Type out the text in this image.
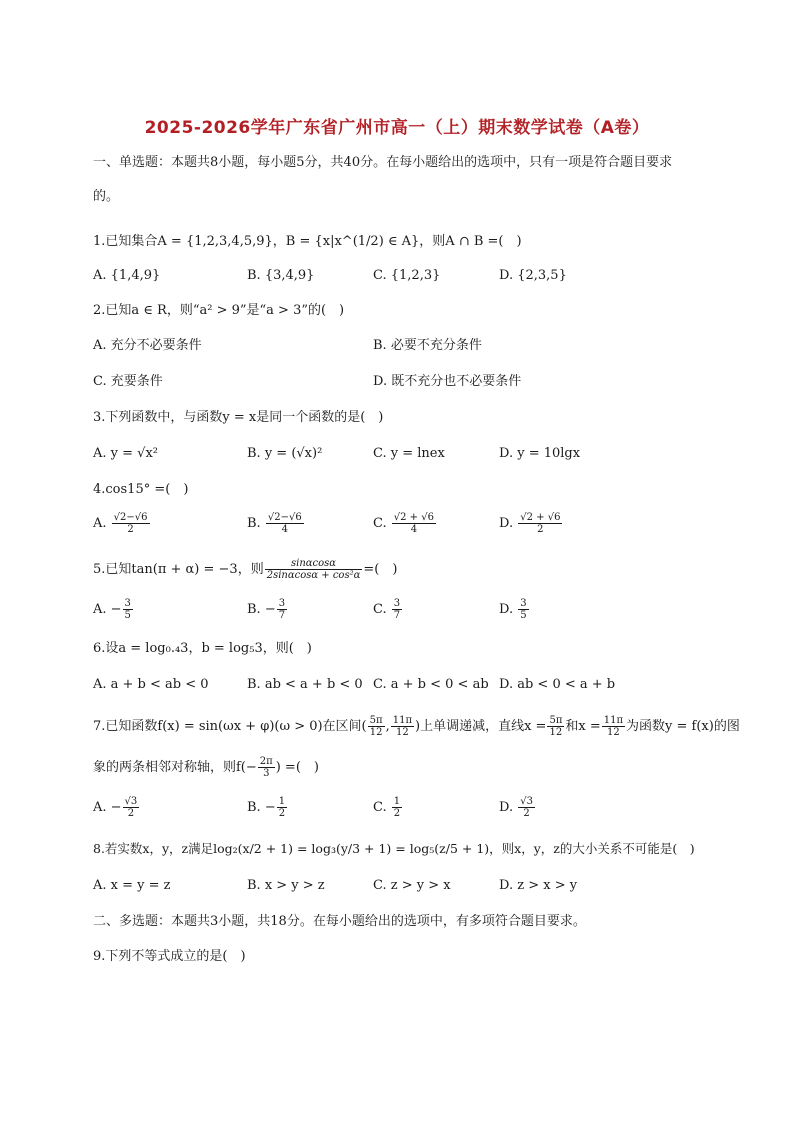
2025-2026学年广东省广州市高一（上）期末数学试卷（A卷）
一、单选题：本题共8小题，每小题5分，共40分。在每小题给出的选项中，只有一项是符合题目要求的。
1.已知集合A = {1,2,3,4,5,9}，B = {x|x^(1/2) ∈ A}，则A ∩ B =(　)
A. {1,4,9}	B. {3,4,9}	C. {1,2,3}	D. {2,3,5}
2.已知a ∈ R，则“a² > 9”是“a > 3”的(　)
A. 充分不必要条件	B. 必要不充分条件
C. 充要条件	D. 既不充分也不必要条件
3.下列函数中，与函数y = x是同一个函数的是(　)
A. y = √x²	B. y = (√x)²	C. y = lnex	D. y = 10lgx
4.cos15° =(　)
A. $\frac{√2-√6}{2}$	B. $\frac{√2-√6}{4}$	C. $\frac{√2 + √6}{4}$	D. $\frac{√2 + √6}{2}$
5.已知tan(π + α) = −3，则 $\frac{\sin\alpha\cos\alpha}{\text{2sinαcosα + cos²α}}$ =(　)
A. − $\frac{3}{5}$	B. − $\frac{3}{7}$	C. $\frac{3}{7}$	D. $\frac{3}{5}$
6.设a = log₀.₄3，b = log₅3，则(　)
A. a + b < ab < 0	B. ab < a + b < 0 C. a + b < 0 < ab D. ab < 0 < a + b
7.已知函数f(x) = sin(ωx + φ)(ω > 0)在区间( $\frac{5\pi}{12}$ , $\frac{11\pi}{12}$ )上单调递减，直线$x = \frac{5\pi}{12}$ 和$x = \frac{11\pi}{12}$ 为函数y = f(x)的图
象的两条相邻对称轴，则$f(- \frac{2\pi}{3}$ ) =(　)
A. − $\frac{√3}{2}$	B. − $\frac{1}{2}$	C. $\frac{1}{2}$	D. $\frac{√3}{2}$
8.若实数x，y，z满足log₂(x/2 + 1) = log₃(y/3 + 1) = log₅(z/5 + 1)，则x，y，z的大小关系不可能是(　)
A. x = y = z	B. x > y > z	C. z > y > x	D. z > x > y
二、多选题：本题共3小题，共18分。在每小题给出的选项中，有多项符合题目要求。
9.下列不等式成立的是(　)
